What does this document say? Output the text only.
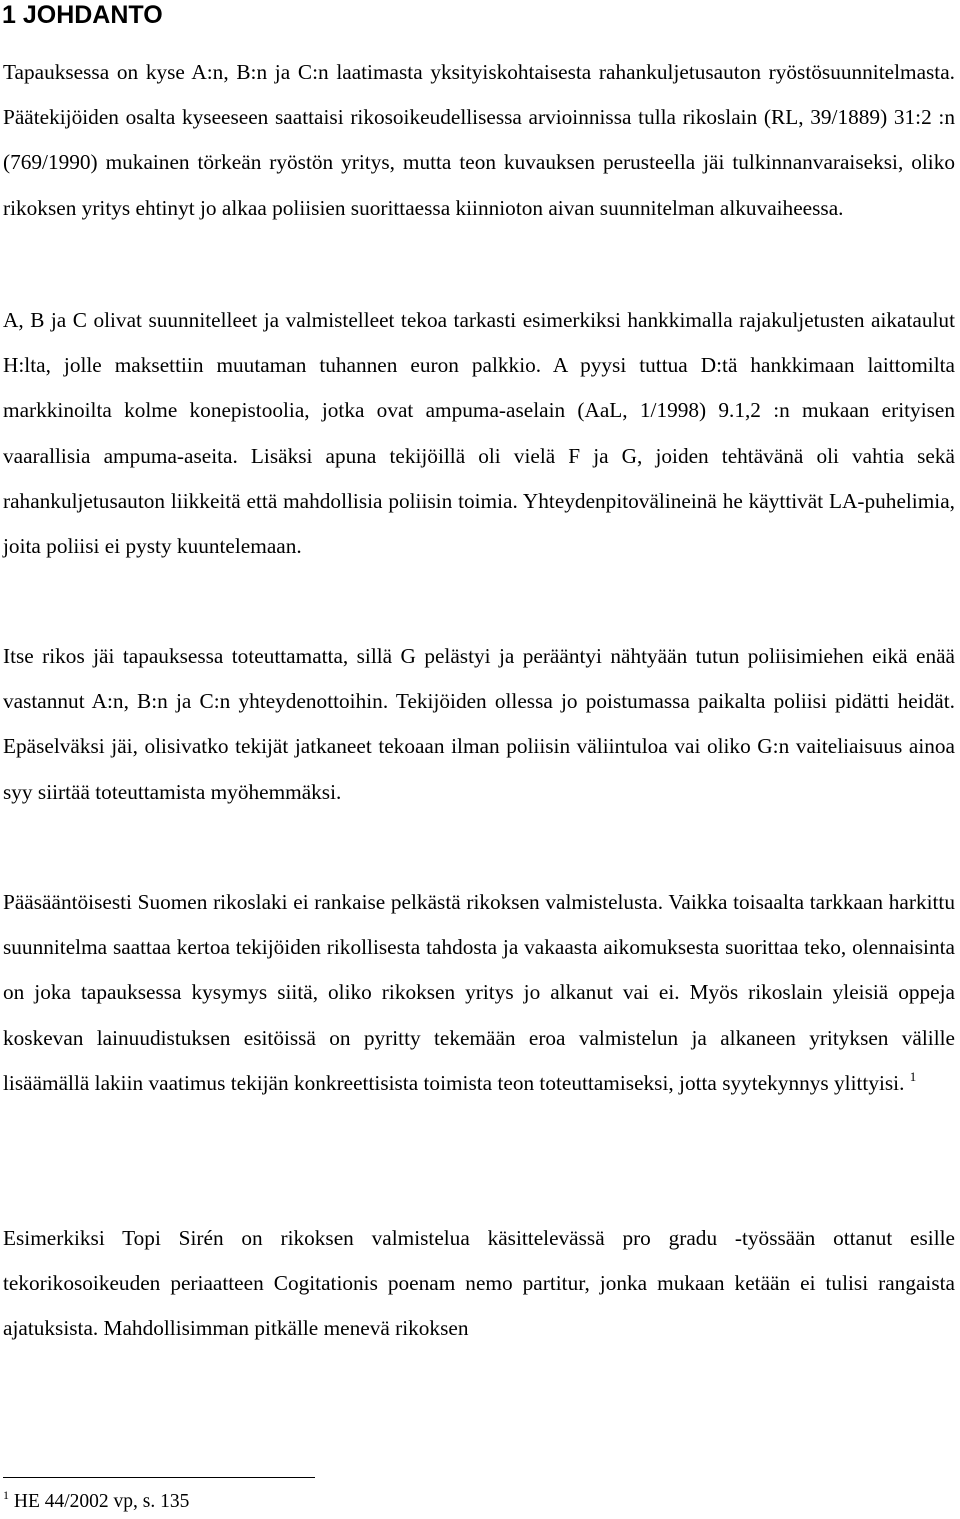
1 JOHDANTO

Tapauksessa on kyse A:n, B:n ja C:n laatimasta yksityiskohtaisesta rahankuljetusauton ryöstösuunnitelmasta. Päätekijöiden osalta kyseeseen saattaisi rikosoikeudellisessa arvioinnissa tulla rikoslain (RL, 39/1889) 31:2 :n (769/1990) mukainen törkeän ryöstön yritys, mutta teon kuvauksen perusteella jäi tulkinnanvaraiseksi, oliko rikoksen yritys ehtinyt jo alkaa poliisien suorittaessa kiinnioton aivan suunnitelman alkuvaiheessa.

A, B ja C olivat suunnitelleet ja valmistelleet tekoa tarkasti esimerkiksi hankkimalla rajakuljetusten aikataulut H:lta, jolle maksettiin muutaman tuhannen euron palkkio. A pyysi tuttua D:tä hankkimaan laittomilta markkinoilta kolme konepistoolia, jotka ovat ampuma-aselain (AaL, 1/1998) 9.1,2 :n mukaan erityisen vaarallisia ampuma-aseita. Lisäksi apuna tekijöillä oli vielä F ja G, joiden tehtävänä oli vahtia sekä rahankuljetusauton liikkeitä että mahdollisia poliisin toimia. Yhteydenpitovälineinä he käyttivät LA-puhelimia, joita poliisi ei pysty kuuntelemaan.

Itse rikos jäi tapauksessa toteuttamatta, sillä G pelästyi ja perääntyi nähtyään tutun poliisimiehen eikä enää vastannut A:n, B:n ja C:n yhteydenottoihin. Tekijöiden ollessa jo poistumassa paikalta poliisi pidätti heidät. Epäselväksi jäi, olisivatko tekijät jatkaneet tekoaan ilman poliisin väliintuloa vai oliko G:n vaiteliaisuus ainoa syy siirtää toteuttamista myöhemmäksi.

Pääsääntöisesti Suomen rikoslaki ei rankaise pelkästä rikoksen valmistelusta. Vaikka toisaalta tarkkaan harkittu suunnitelma saattaa kertoa tekijöiden rikollisesta tahdosta ja vakaasta aikomuksesta suorittaa teko, olennaisinta on joka tapauksessa kysymys siitä, oliko rikoksen yritys jo alkanut vai ei. Myös rikoslain yleisiä oppeja koskevan lainuudistuksen esitöissä on pyritty tekemään eroa valmistelun ja alkaneen yrityksen välille lisäämällä lakiin vaatimus tekijän konkreettisista toimista teon toteuttamiseksi, jotta syytekynnys ylittyisi. $^1$

Esimerkiksi Topi Sirén on rikoksen valmistelua käsittelevässä pro gradu -työssään ottanut esille tekorikosoikeuden periaatteen Cogitationis poenam nemo partitur, jonka mukaan ketään ei tulisi rangaista ajatuksista. Mahdollisimman pitkälle menevä rikoksen

$^1$ HE 44/2002 vp, s. 135
